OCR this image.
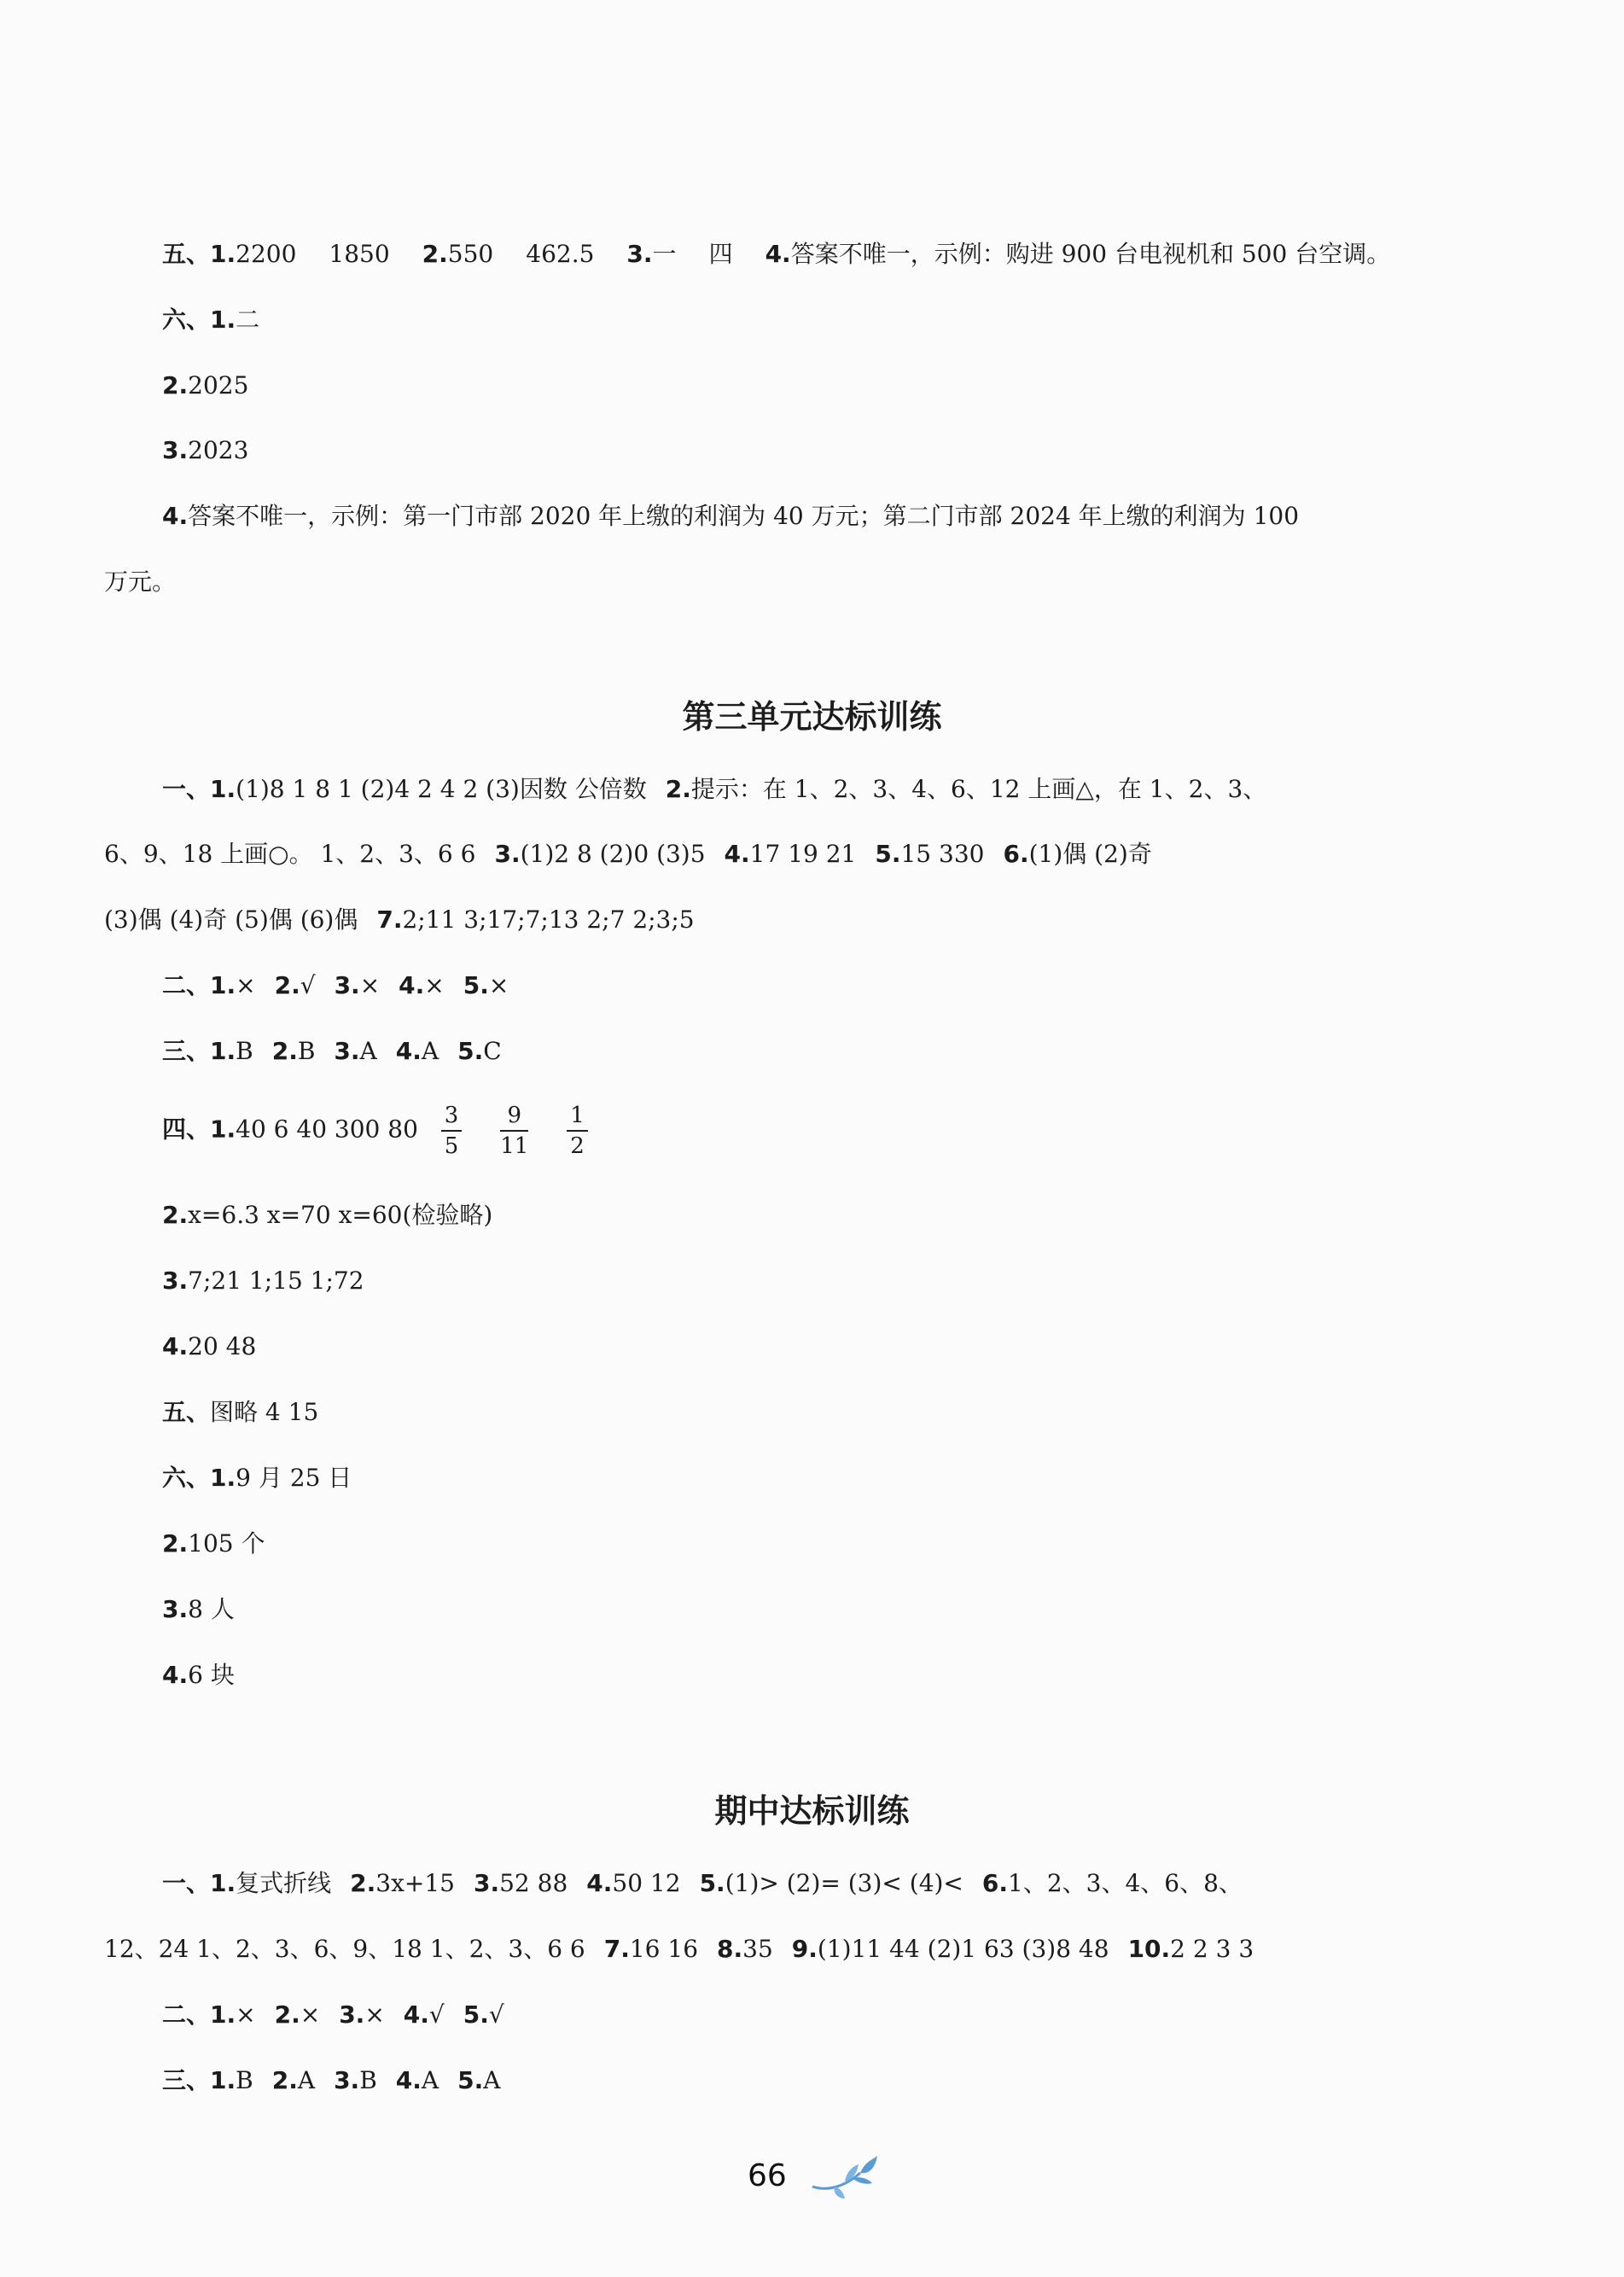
五、1.2200 1850 2.550 462.5 3.一 四 4.答案不唯一，示例：购进 900 台电视机和 500 台空调。
六、1.二
2.2025
3.2023
4.答案不唯一，示例：第一门市部 2020 年上缴的利润为 40 万元；第二门市部 2024 年上缴的利润为 100
万元。
第三单元达标训练
一、1.(1)8 1 8 1 (2)4 2 4 2 (3)因数 公倍数 2.提示：在 1、2、3、4、6、12 上画△，在 1、2、3、
6、9、18 上画○。 1、2、3、6 6 3.(1)2 8 (2)0 (3)5 4.17 19 21 5.15 330 6.(1)偶 (2)奇
(3)偶 (4)奇 (5)偶 (6)偶 7.2;11 3;17;7;13 2;7 2;3;5
二、1.× 2.√ 3.× 4.× 5.×
三、1.B 2.B 3.A 4.A 5.C
四、1.40 6 40 300 $80 \frac{3}{5}$
$\frac{9}{11}$
$\frac{1}{2}$
2.x=6.3 x=70 x=60(检验略)
3.7;21 1;15 1;72
4.20 48
五、图略 4 15
六、1.9 月 25 日
2.105 个
3.8 人
4.6 块
期中达标训练
一、1.复式折线 2.3x+15 3.52 88 4.50 12 5.(1)> (2)= (3)< (4)< 6.1、2、3、4、6、8、
12、24 1、2、3、6、9、18 1、2、3、6 6 7.16 16 8.35 9.(1)11 44 (2)1 63 (3)8 48 10.2 2 3 3
二、1.× 2.× 3.× 4.√ 5.√
三、1.B 2.A 3.B 4.A 5.A
66
